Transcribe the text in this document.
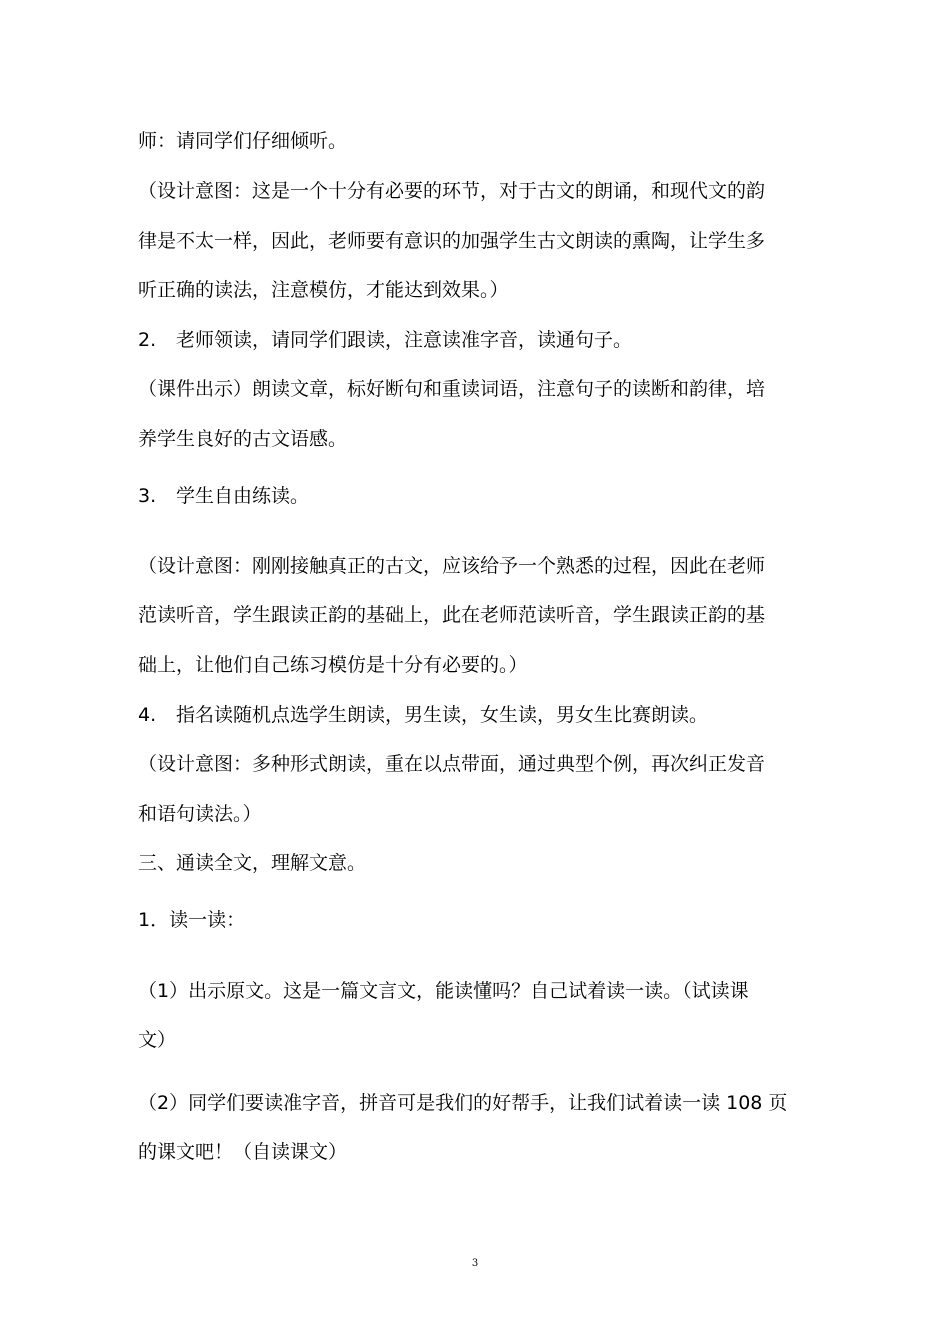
师：请同学们仔细倾听。
（设计意图：这是一个十分有必要的环节，对于古文的朗诵，和现代文的韵
律是不太一样，因此，老师要有意识的加强学生古文朗读的熏陶，让学生多
听正确的读法，注意模仿，才能达到效果。）
2. 老师领读，请同学们跟读，注意读准字音，读通句子。
（课件出示）朗读文章，标好断句和重读词语，注意句子的读断和韵律，培
养学生良好的古文语感。
3. 学生自由练读。
（设计意图：刚刚接触真正的古文，应该给予一个熟悉的过程，因此在老师
范读听音，学生跟读正韵的基础上，此在老师范读听音，学生跟读正韵的基
础上，让他们自己练习模仿是十分有必要的。）
4. 指名读随机点选学生朗读，男生读，女生读，男女生比赛朗读。
（设计意图：多种形式朗读，重在以点带面，通过典型个例，再次纠正发音
和语句读法。）
三、通读全文，理解文意。
1．读一读：
（1）出示原文。这是一篇文言文，能读懂吗？自己试着读一读。（试读课
文）
（2）同学们要读准字音，拼音可是我们的好帮手，让我们试着读一读 108 页
的课文吧！（自读课文）
3
